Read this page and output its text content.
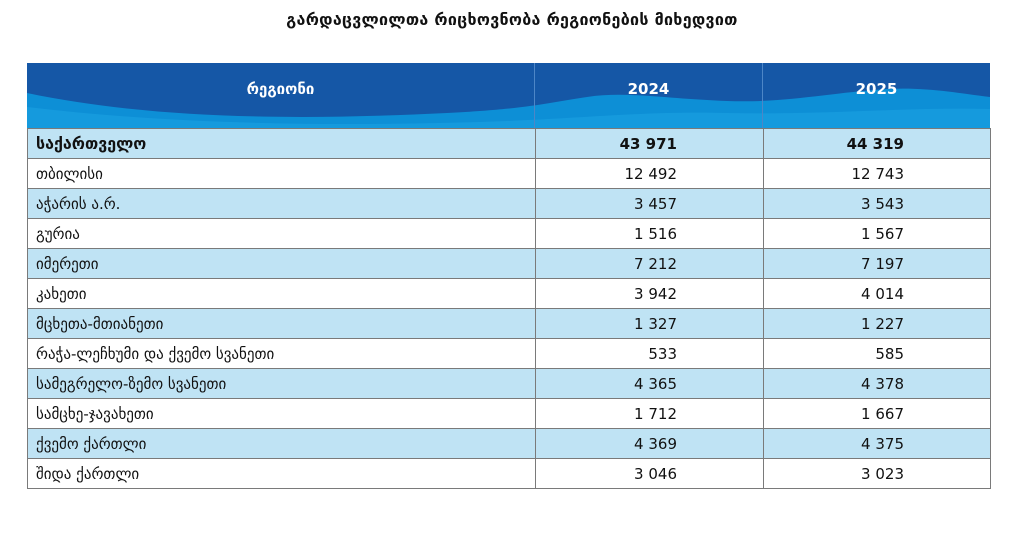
გარდაცვლილთა რიცხოვნობა რეგიონების მიხედვით
რეგიონი	2024	2025
საქართველო	43 971	44 319
თბილისი	12 492	12 743
აჭარის ა.რ.	3 457	3 543
გურია	1 516	1 567
იმერეთი	7 212	7 197
კახეთი	3 942	4 014
მცხეთა-მთიანეთი	1 327	1 227
რაჭა-ლეჩხუმი და ქვემო სვანეთი	533	585
სამეგრელო-ზემო სვანეთი	4 365	4 378
სამცხე-ჯავახეთი	1 712	1 667
ქვემო ქართლი	4 369	4 375
შიდა ქართლი	3 046	3 023
